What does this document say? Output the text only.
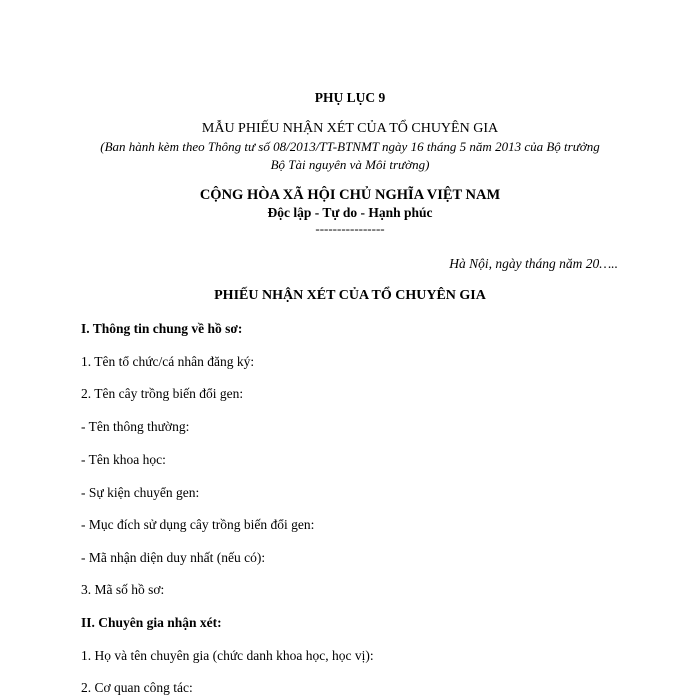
PHỤ LỤC 9
MẪU PHIẾU NHẬN XÉT CỦA TỔ CHUYÊN GIA
(Ban hành kèm theo Thông tư số 08/2013/TT-BTNMT ngày 16 tháng 5 năm 2013 của Bộ trưởng
Bộ Tài nguyên và Môi trường)
CỘNG HÒA XÃ HỘI CHỦ NGHĨA VIỆT NAM
Độc lập - Tự do - Hạnh phúc
----------------
Hà Nội, ngày tháng năm 20…..
PHIẾU NHẬN XÉT CỦA TỔ CHUYÊN GIA
I. Thông tin chung về hồ sơ:
1. Tên tổ chức/cá nhân đăng ký:
2. Tên cây trồng biến đổi gen:
- Tên thông thường:
- Tên khoa học:
- Sự kiện chuyển gen:
- Mục đích sử dụng cây trồng biến đổi gen:
- Mã nhận diện duy nhất (nếu có):
3. Mã số hồ sơ:
II. Chuyên gia nhận xét:
1. Họ và tên chuyên gia (chức danh khoa học, học vị):
2. Cơ quan công tác:
